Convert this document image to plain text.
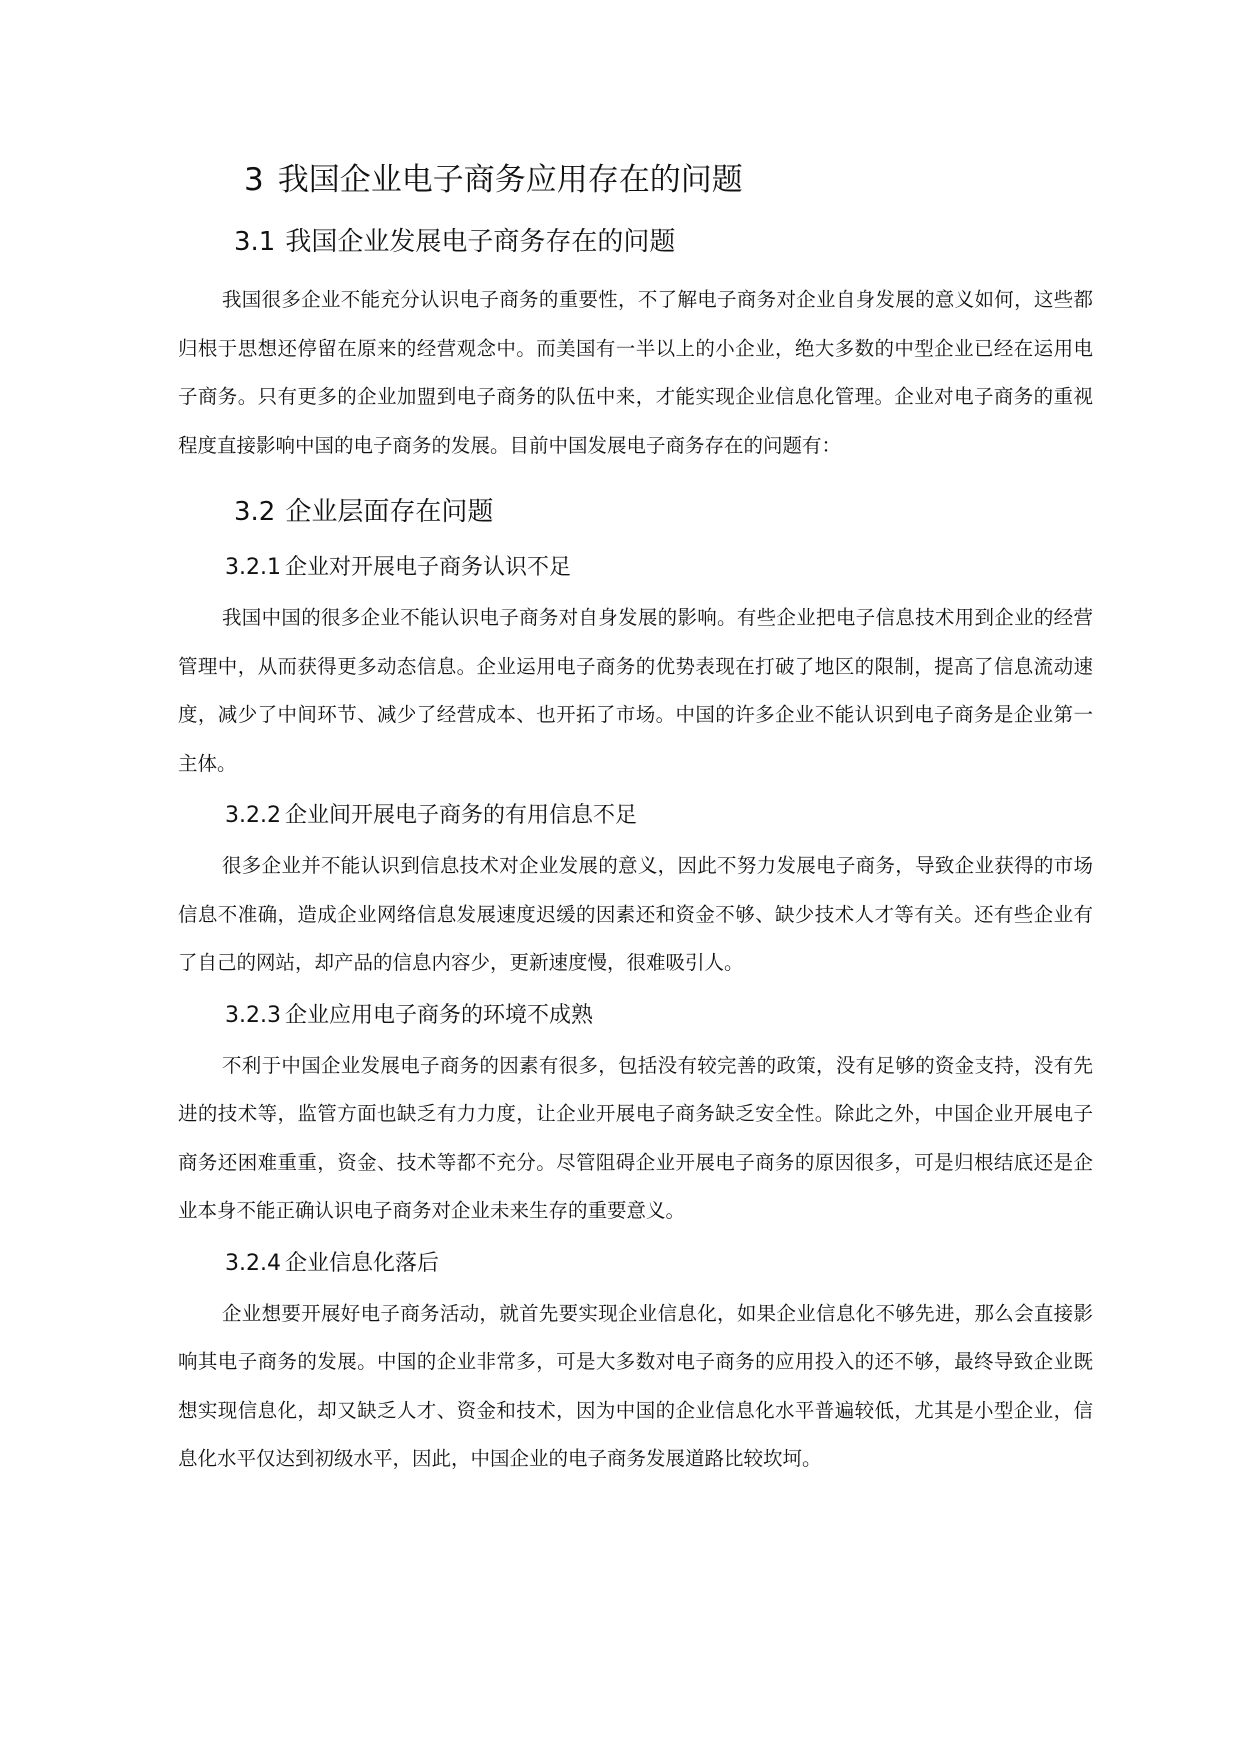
3 我国企业电子商务应用存在的问题
3.1 我国企业发展电子商务存在的问题

我国很多企业不能充分认识电子商务的重要性，不了解电子商务对企业自身发展的意义如何，这些都归根于思想还停留在原来的经营观念中。而美国有一半以上的小企业，绝大多数的中型企业已经在运用电子商务。只有更多的企业加盟到电子商务的队伍中来，才能实现企业信息化管理。企业对电子商务的重视程度直接影响中国的电子商务的发展。目前中国发展电子商务存在的问题有：

3.2 企业层面存在问题
3.2.1 企业对开展电子商务认识不足

我国中国的很多企业不能认识电子商务对自身发展的影响。有些企业把电子信息技术用到企业的经营管理中，从而获得更多动态信息。企业运用电子商务的优势表现在打破了地区的限制，提高了信息流动速度，减少了中间环节、减少了经营成本、也开拓了市场。中国的许多企业不能认识到电子商务是企业第一主体。

3.2.2 企业间开展电子商务的有用信息不足

很多企业并不能认识到信息技术对企业发展的意义，因此不努力发展电子商务，导致企业获得的市场信息不准确，造成企业网络信息发展速度迟缓的因素还和资金不够、缺少技术人才等有关。还有些企业有了自己的网站，却产品的信息内容少，更新速度慢，很难吸引人。

3.2.3 企业应用电子商务的环境不成熟

不利于中国企业发展电子商务的因素有很多，包括没有较完善的政策，没有足够的资金支持，没有先进的技术等，监管方面也缺乏有力力度，让企业开展电子商务缺乏安全性。除此之外，中国企业开展电子商务还困难重重，资金、技术等都不充分。尽管阻碍企业开展电子商务的原因很多，可是归根结底还是企业本身不能正确认识电子商务对企业未来生存的重要意义。

3.2.4 企业信息化落后

企业想要开展好电子商务活动，就首先要实现企业信息化，如果企业信息化不够先进，那么会直接影响其电子商务的发展。中国的企业非常多，可是大多数对电子商务的应用投入的还不够，最终导致企业既想实现信息化，却又缺乏人才、资金和技术，因为中国的企业信息化水平普遍较低，尤其是小型企业，信息化水平仅达到初级水平，因此，中国企业的电子商务发展道路比较坎坷。
